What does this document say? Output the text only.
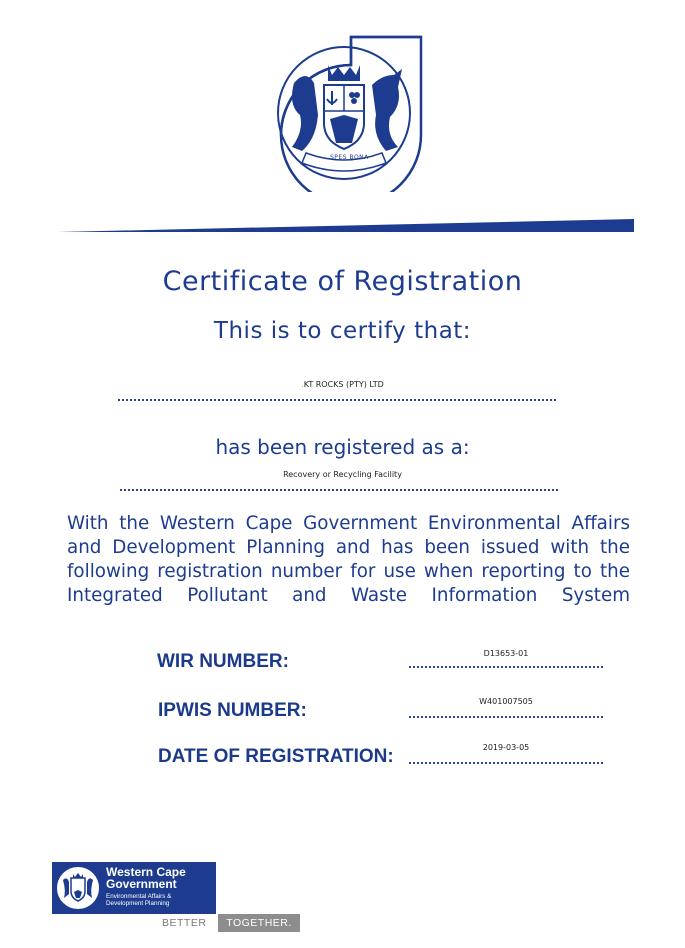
SPES BONA
Certificate of Registration
This is to certify that:
.KT ROCKS (PTY) LTD
has been registered as a:
Recovery or Recycling Facility
With the Western Cape Government Environmental Affairs and Development Planning and has been issued with the following registration number for use when reporting to the Integrated Pollutant and Waste Information System
WIR NUMBER:	D13653-01
IPWIS NUMBER:	W401007505
DATE OF REGISTRATION:	2019-03-05
Western Cape
Government
Environmental Affairs &
Development Planning
BETTER	TOGETHER.
